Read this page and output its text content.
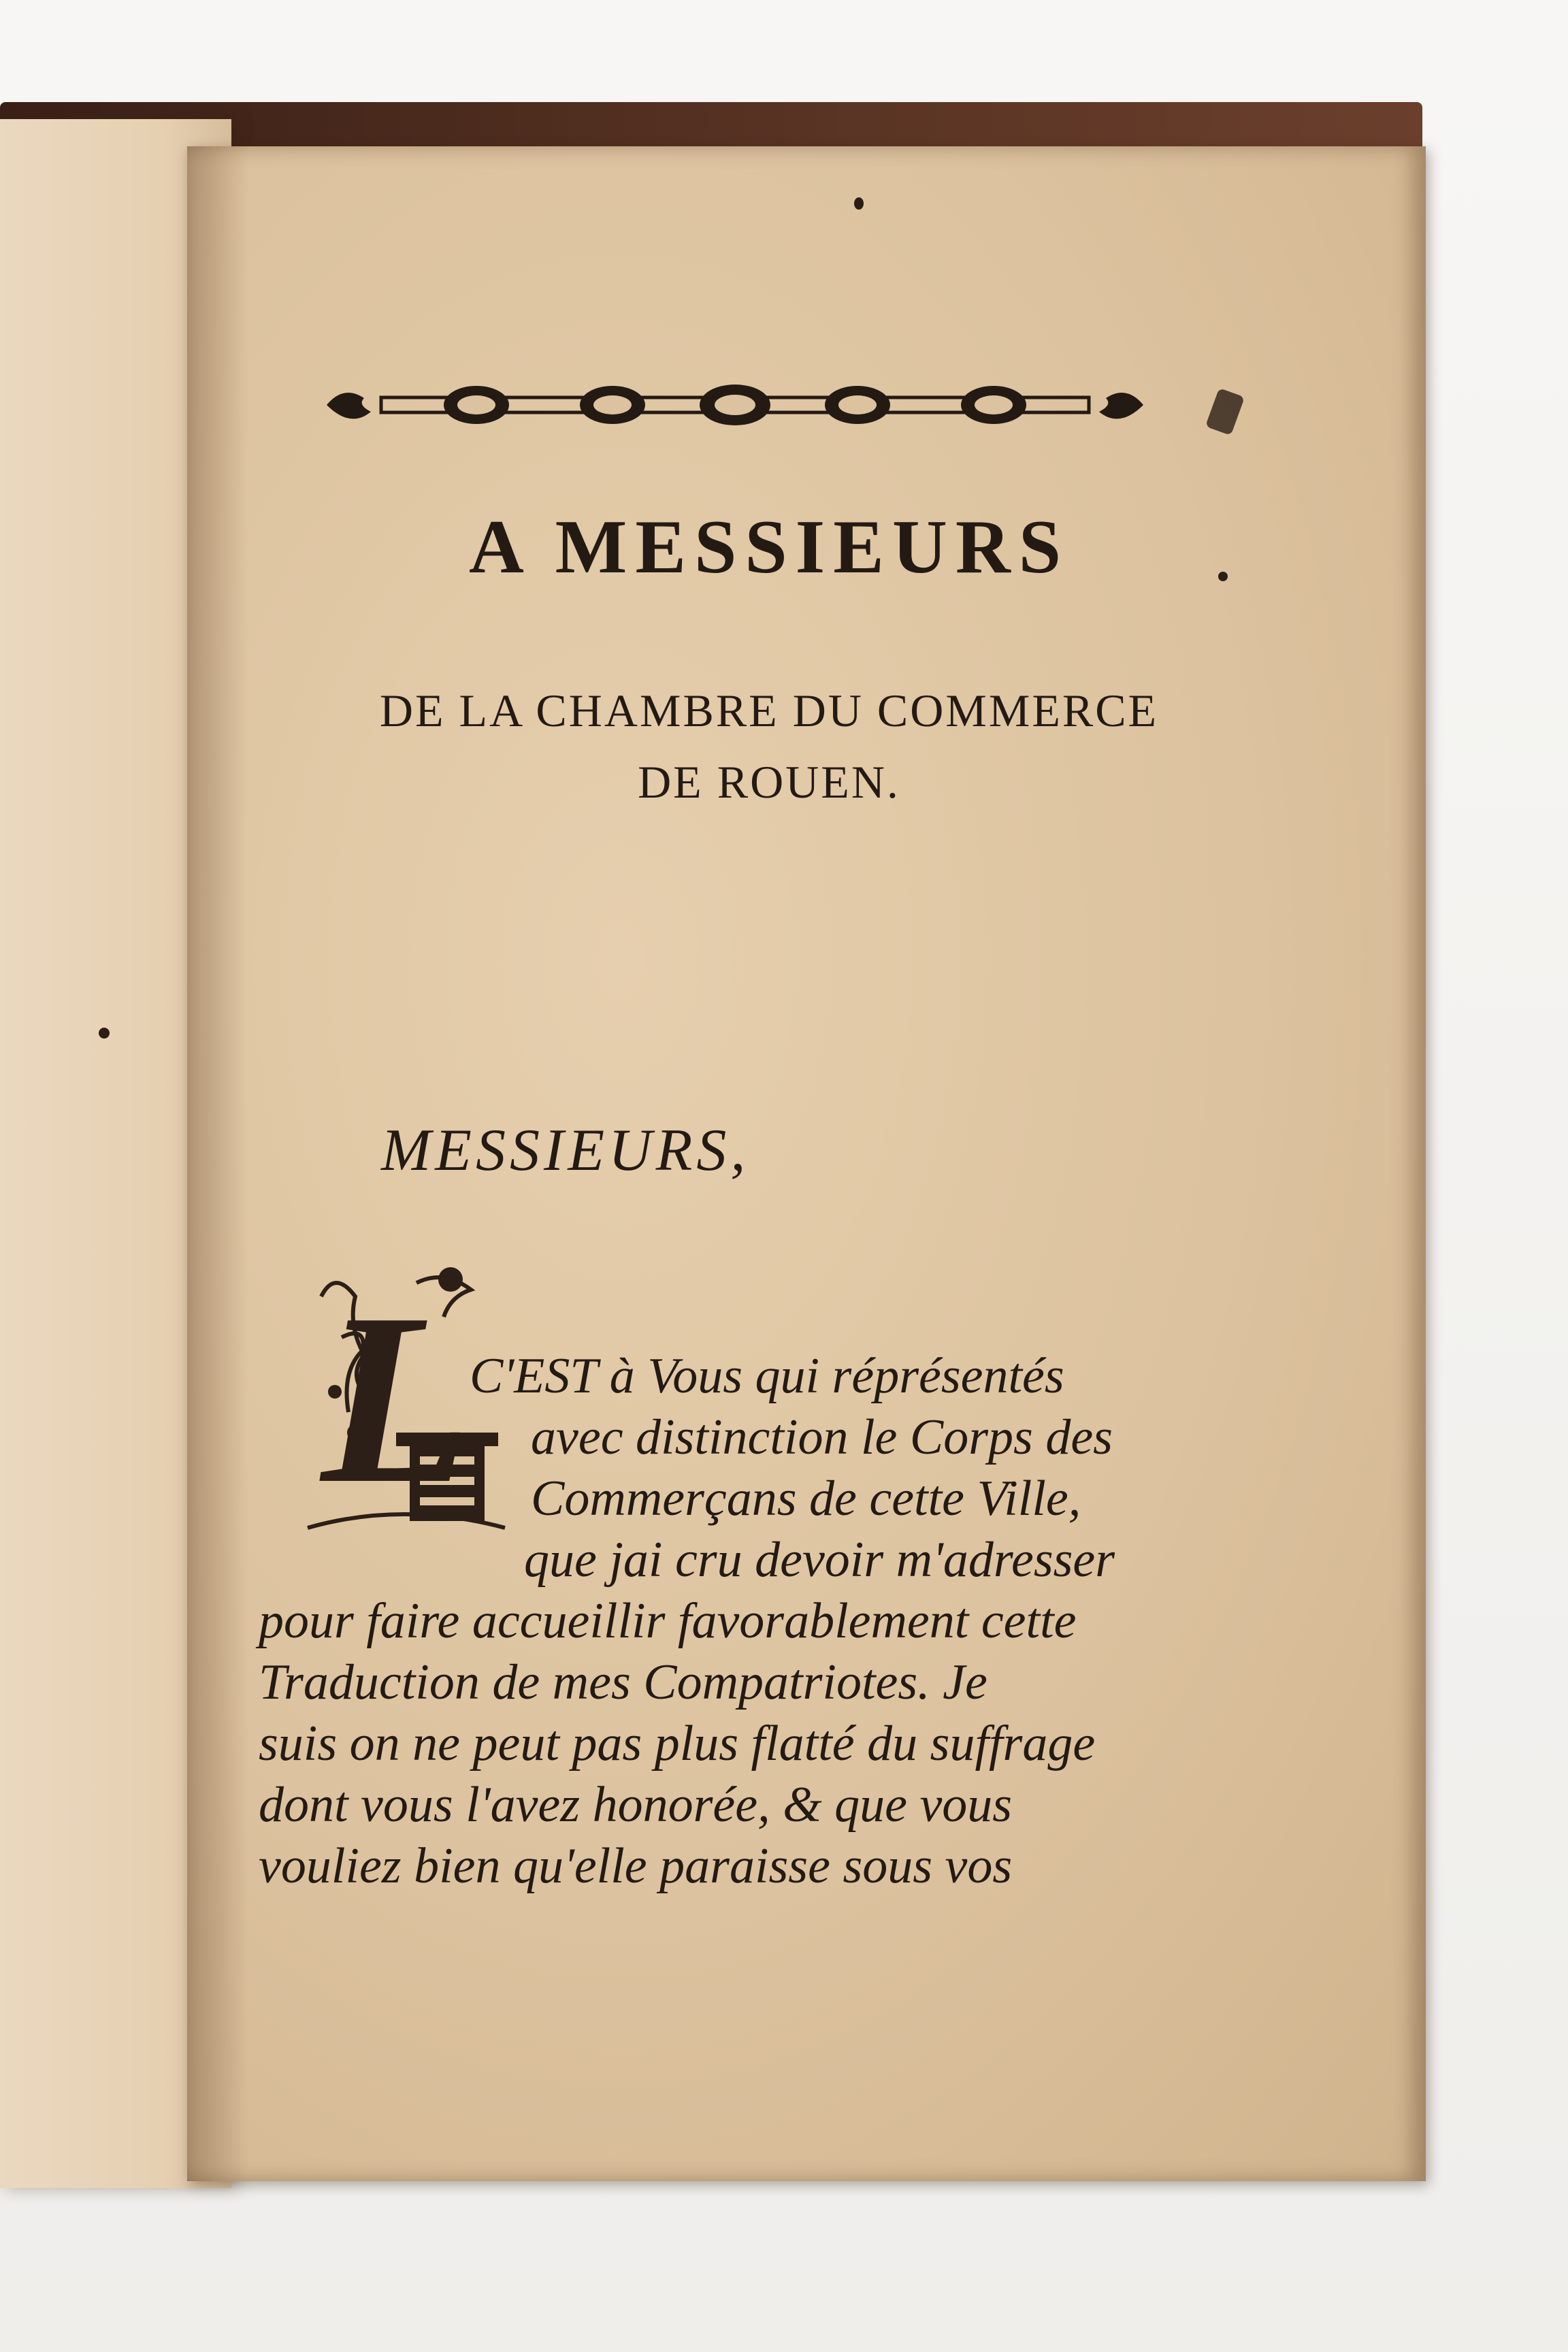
A MESSIEURS

DE LA CHAMBRE DU COMMERCE

DE ROUEN.

MESSIEURS,

L

C'EST à Vous qui réprésentés

avec distinction le Corps des

Commerçans de cette Ville,

que jai cru devoir m'adresser

pour faire accueillir favorablement cette

Traduction de mes Compatriotes. Je

suis on ne peut pas plus flatté du suffrage

dont vous l'avez honorée, & que vous

vouliez bien qu'elle paraisse sous vos
